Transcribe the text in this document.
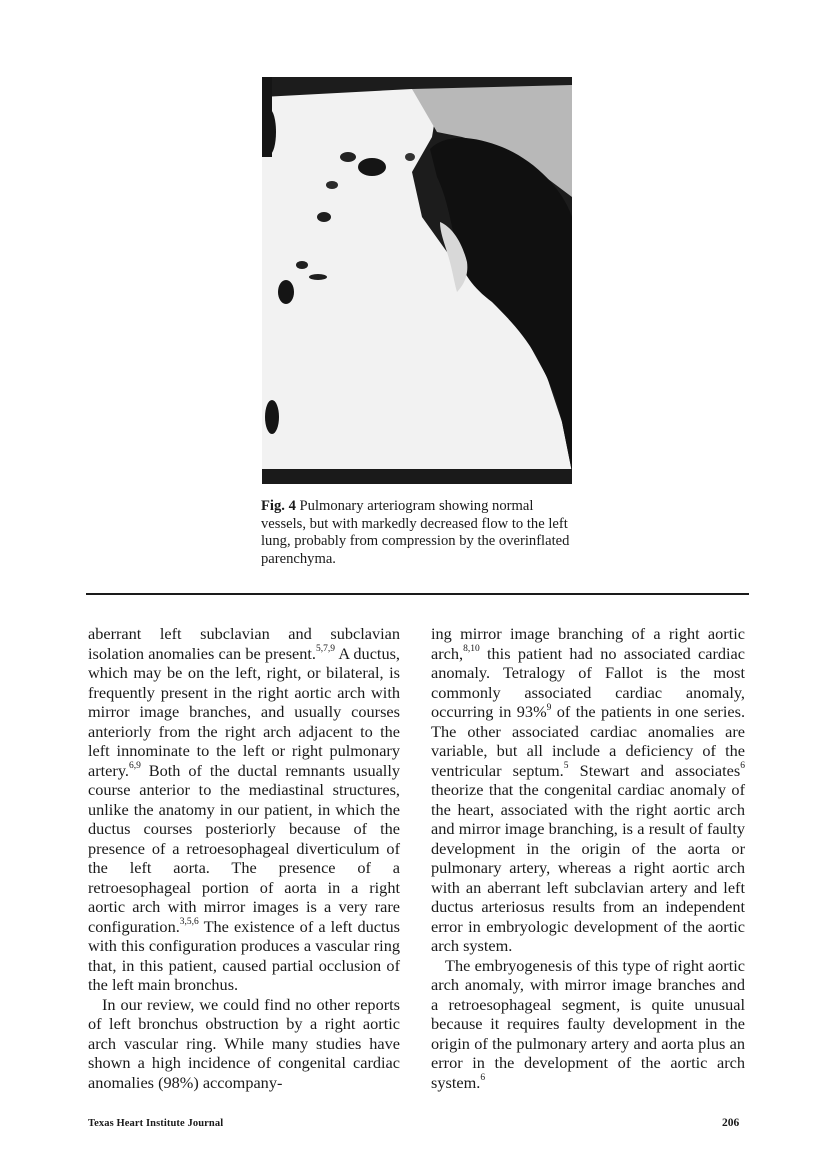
Fig. 4 Pulmonary arteriogram showing normal vessels, but with markedly decreased flow to the left lung, probably from compression by the overinflated parenchyma.

aberrant left subclavian and subclavian isolation anomalies can be present.$^{5,7,9}$ A ductus, which may be on the left, right, or bilateral, is frequently present in the right aortic arch with mirror image branches, and usually courses anteriorly from the right arch adjacent to the left innominate to the left or right pulmonary artery.$^{6,9}$ Both of the ductal remnants usually course anterior to the mediastinal structures, unlike the anatomy in our patient, in which the ductus courses posteriorly because of the presence of a retroesophageal diverticulum of the left aorta. The presence of a retroesophageal portion of aorta in a right aortic arch with mirror images is a very rare configuration.$^{3,5,6}$ The existence of a left ductus with this configuration produces a vascular ring that, in this patient, caused partial occlusion of the left main bronchus.

In our review, we could find no other reports of left bronchus obstruction by a right aortic arch vascular ring. While many studies have shown a high incidence of congenital cardiac anomalies (98%) accompany-

ing mirror image branching of a right aortic arch,$^{8,10}$ this patient had no associated cardiac anomaly. Tetralogy of Fallot is the most commonly associated cardiac anomaly, occurring in 93%$^9$ of the patients in one series. The other associated cardiac anomalies are variable, but all include a deficiency of the ventricular septum.$^5$ Stewart and associates$^6$ theorize that the congenital cardiac anomaly of the heart, associated with the right aortic arch and mirror image branching, is a result of faulty development in the origin of the aorta or pulmonary artery, whereas a right aortic arch with an aberrant left subclavian artery and left ductus arteriosus results from an independent error in embryologic development of the aortic arch system.

The embryogenesis of this type of right aortic arch anomaly, with mirror image branches and a retroesophageal segment, is quite unusual because it requires faulty development in the origin of the pulmonary artery and aorta plus an error in the development of the aortic arch system.$^6$

Texas Heart Institute Journal	206
